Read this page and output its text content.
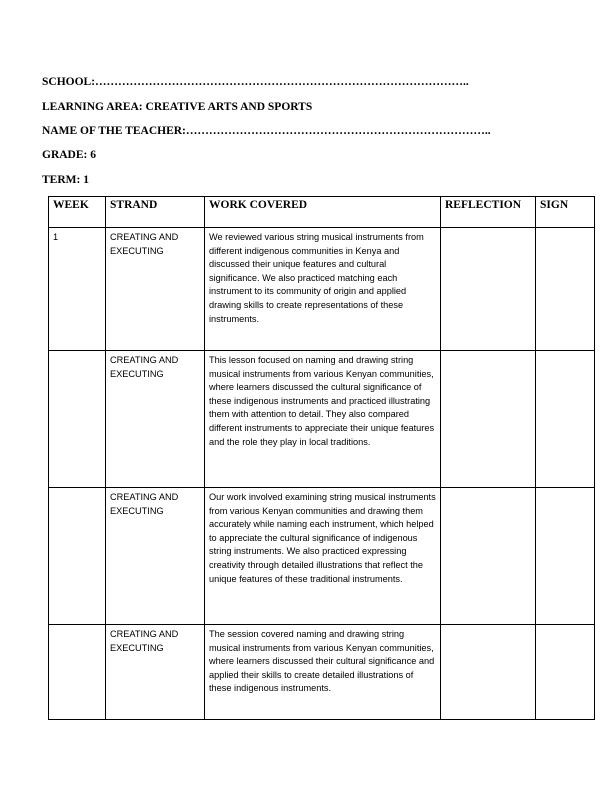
SCHOOL:……………………………………………………………………………………..
LEARNING AREA: CREATIVE ARTS AND SPORTS
NAME OF THE TEACHER:……………………………………………………………………..
GRADE: 6
TERM: 1
WEEK	STRAND	WORK COVERED	REFLECTION	SIGN
1	CREATING AND EXECUTING	We reviewed various string musical instruments from different indigenous communities in Kenya and discussed their unique features and cultural significance. We also practiced matching each instrument to its community of origin and applied drawing skills to create representations of these instruments.		
	CREATING AND EXECUTING	This lesson focused on naming and drawing string musical instruments from various Kenyan communities, where learners discussed the cultural significance of these indigenous instruments and practiced illustrating them with attention to detail. They also compared different instruments to appreciate their unique features and the role they play in local traditions.		
	CREATING AND EXECUTING	Our work involved examining string musical instruments from various Kenyan communities and drawing them accurately while naming each instrument, which helped to appreciate the cultural significance of indigenous string instruments. We also practiced expressing creativity through detailed illustrations that reflect the unique features of these traditional instruments.		
	CREATING AND EXECUTING	The session covered naming and drawing string musical instruments from various Kenyan communities, where learners discussed their cultural significance and applied their skills to create detailed illustrations of these indigenous instruments.		
